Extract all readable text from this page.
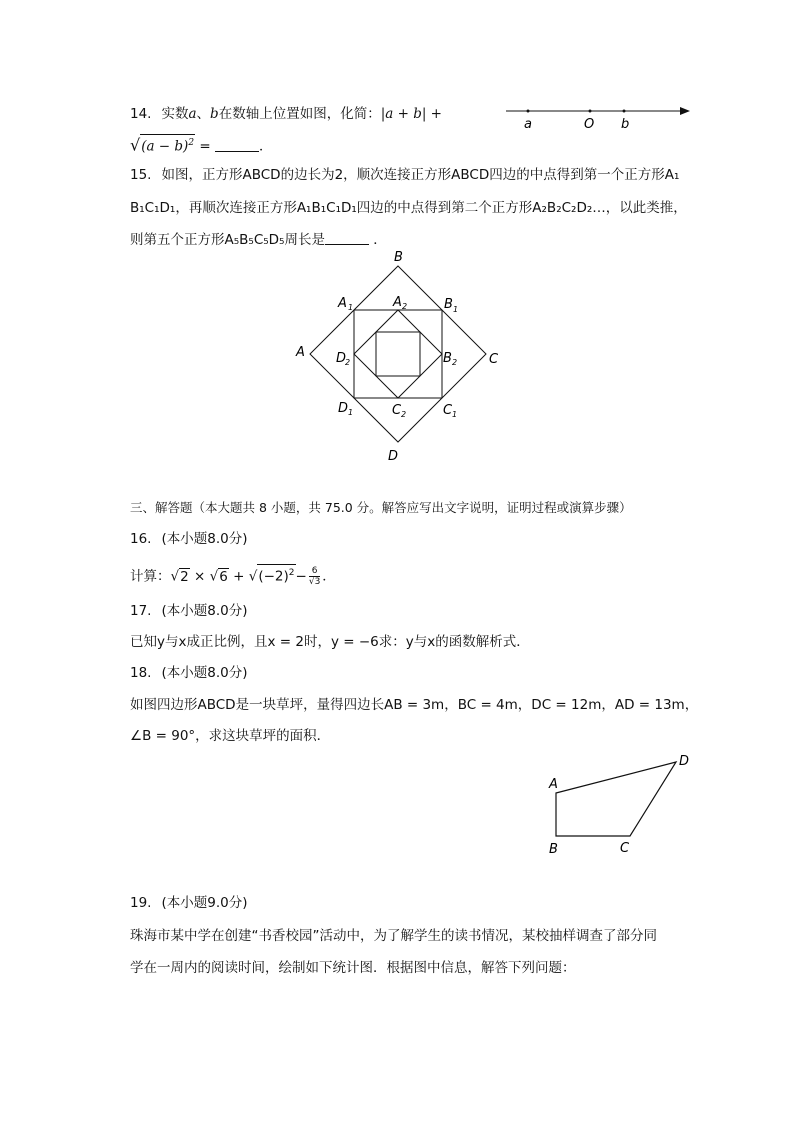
14. 实数a、b在数轴上位置如图，化简：|a + b| +
$√(a - b)^2$ =	．
a	O b
15. 如图，正方形ABCD的边长为2，顺次连接正方形ABCD四边的中点得到第一个正方形A₁
B₁C₁D₁，再顺次连接正方形A₁B₁C₁D₁四边的中点得到第二个正方形A₂B₂C₂D₂…，以此类推，
则第五个正方形A₅B₅C₅D₅周长是	．
B
C
D
A
A 1	B 1
C 1
D 1
A 2
B 2
C 2
D
2
三、解答题（本大题共 8 小题，共 75.0 分。解答应写出文字说明，证明过程或演算步骤）
16. (本小题8.0分)
计算：$√2 \times √6 + √(-2)^2- \frac{6}{√3}$ ．
17. (本小题8.0分)
已知y与x成正比例，且x = 2时，y = −6求：y与x的函数解析式．
18. (本小题8.0分)
如图四边形ABCD是一块草坪，量得四边长AB = 3m，BC = 4m，DC = 12m，AD = 13m，
∠B = 90°，求这块草坪的面积．
A
D
B	C
19. (本小题9.0分)
珠海市某中学在创建“书香校园”活动中，为了解学生的读书情况，某校抽样调查了部分同
学在一周内的阅读时间，绘制如下统计图．根据图中信息，解答下列问题：
